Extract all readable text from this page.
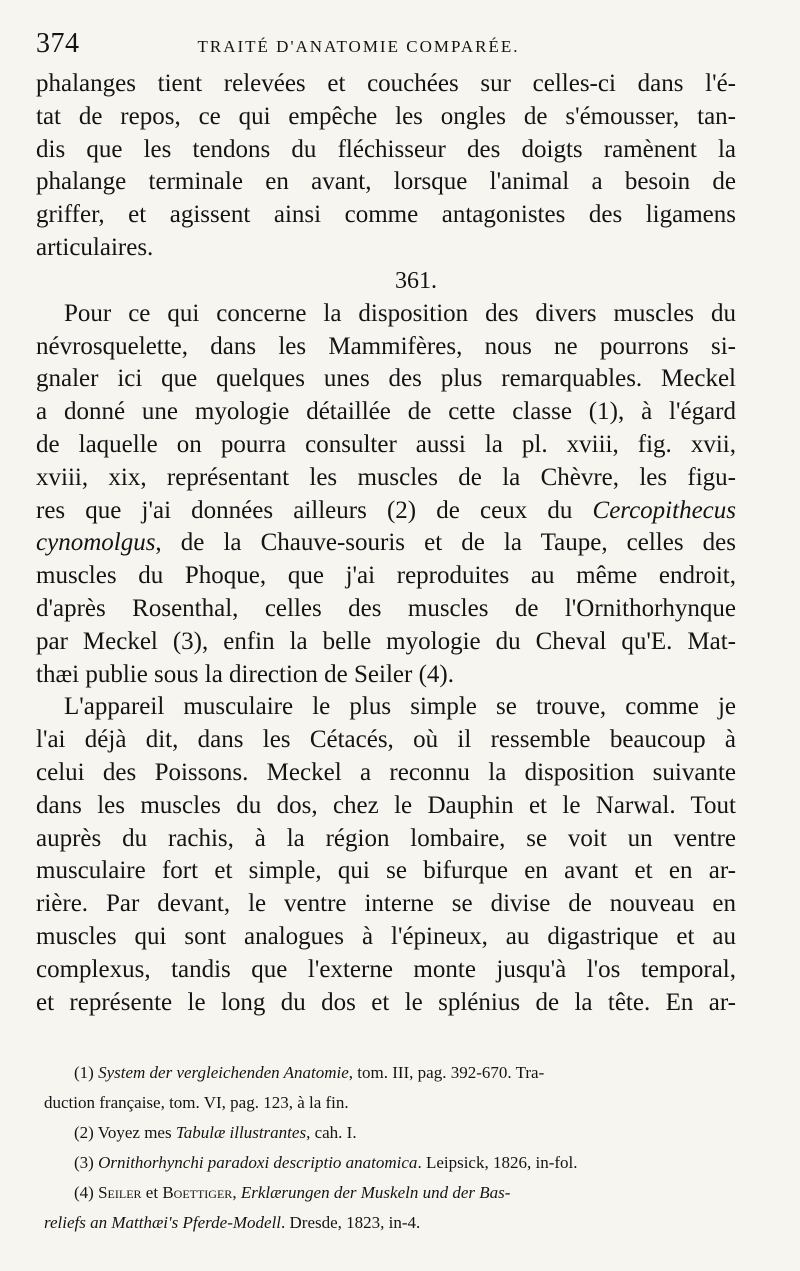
374	TRAITÉ D'ANATOMIE COMPARÉE.

phalanges tient relevées et couchées sur celles-ci dans l'é-
tat de repos, ce qui empêche les ongles de s'émousser, tan-
dis que les tendons du fléchisseur des doigts ramènent la
phalange terminale en avant, lorsque l'animal a besoin de
griffer, et agissent ainsi comme antagonistes des ligamens
articulaires.

361.

Pour ce qui concerne la disposition des divers muscles du
névrosquelette, dans les Mammifères, nous ne pourrons si-
gnaler ici que quelques unes des plus remarquables. Meckel
a donné une myologie détaillée de cette classe (1), à l'égard
de laquelle on pourra consulter aussi la pl. xviii, fig. xvii,
xviii, xix, représentant les muscles de la Chèvre, les figu-
res que j'ai données ailleurs (2) de ceux du Cercopithecus
cynomolgus, de la Chauve-souris et de la Taupe, celles des
muscles du Phoque, que j'ai reproduites au même endroit,
d'après Rosenthal, celles des muscles de l'Ornithorhynque
par Meckel (3), enfin la belle myologie du Cheval qu'E. Mat-
thæi publie sous la direction de Seiler (4).

L'appareil musculaire le plus simple se trouve, comme je
l'ai déjà dit, dans les Cétacés, où il ressemble beaucoup à
celui des Poissons. Meckel a reconnu la disposition suivante
dans les muscles du dos, chez le Dauphin et le Narwal. Tout
auprès du rachis, à la région lombaire, se voit un ventre
musculaire fort et simple, qui se bifurque en avant et en ar-
rière. Par devant, le ventre interne se divise de nouveau en
muscles qui sont analogues à l'épineux, au digastrique et au
complexus, tandis que l'externe monte jusqu'à l'os temporal,
et représente le long du dos et le splénius de la tête. En ar-

(1) System der vergleichenden Anatomie, tom. III, pag. 392-670. Tra-
duction française, tom. VI, pag. 123, à la fin.
(2) Voyez mes Tabulæ illustrantes, cah. I.
(3) Ornithorhynchi paradoxi descriptio anatomica. Leipsick, 1826, in-fol.
(4) Seiler et Boettiger, Erklærungen der Muskeln und der Bas-
reliefs an Matthæi's Pferde-Modell. Dresde, 1823, in-4.
